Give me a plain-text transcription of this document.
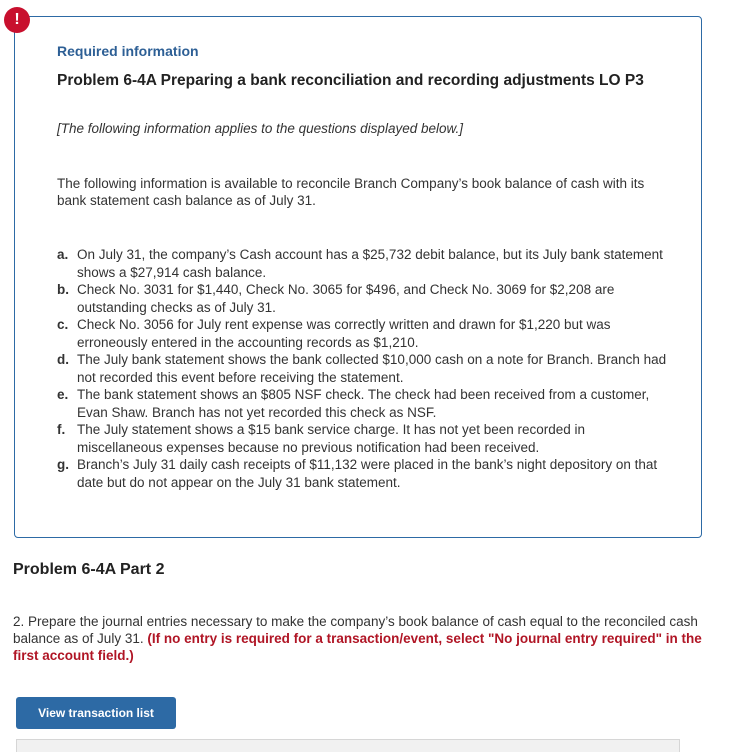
!
Required information
Problem 6-4A Preparing a bank reconciliation and recording adjustments LO P3
[The following information applies to the questions displayed below.]
The following information is available to reconcile Branch Company’s book balance of cash with its bank statement cash balance as of July 31.
a. On July 31, the company’s Cash account has a $25,732 debit balance, but its July bank statement shows a $27,914 cash balance.
b. Check No. 3031 for $1,440, Check No. 3065 for $496, and Check No. 3069 for $2,208 are outstanding checks as of July 31.
c. Check No. 3056 for July rent expense was correctly written and drawn for $1,220 but was erroneously entered in the accounting records as $1,210.
d. The July bank statement shows the bank collected $10,000 cash on a note for Branch. Branch had not recorded this event before receiving the statement.
e. The bank statement shows an $805 NSF check. The check had been received from a customer, Evan Shaw. Branch has not yet recorded this check as NSF.
f. The July statement shows a $15 bank service charge. It has not yet been recorded in miscellaneous expenses because no previous notification had been received.
g. Branch’s July 31 daily cash receipts of $11,132 were placed in the bank’s night depository on that date but do not appear on the July 31 bank statement.
Problem 6-4A Part 2
2. Prepare the journal entries necessary to make the company’s book balance of cash equal to the reconciled cash balance as of July 31. (If no entry is required for a transaction/event, select "No journal entry required" in the first account field.)
View transaction list
